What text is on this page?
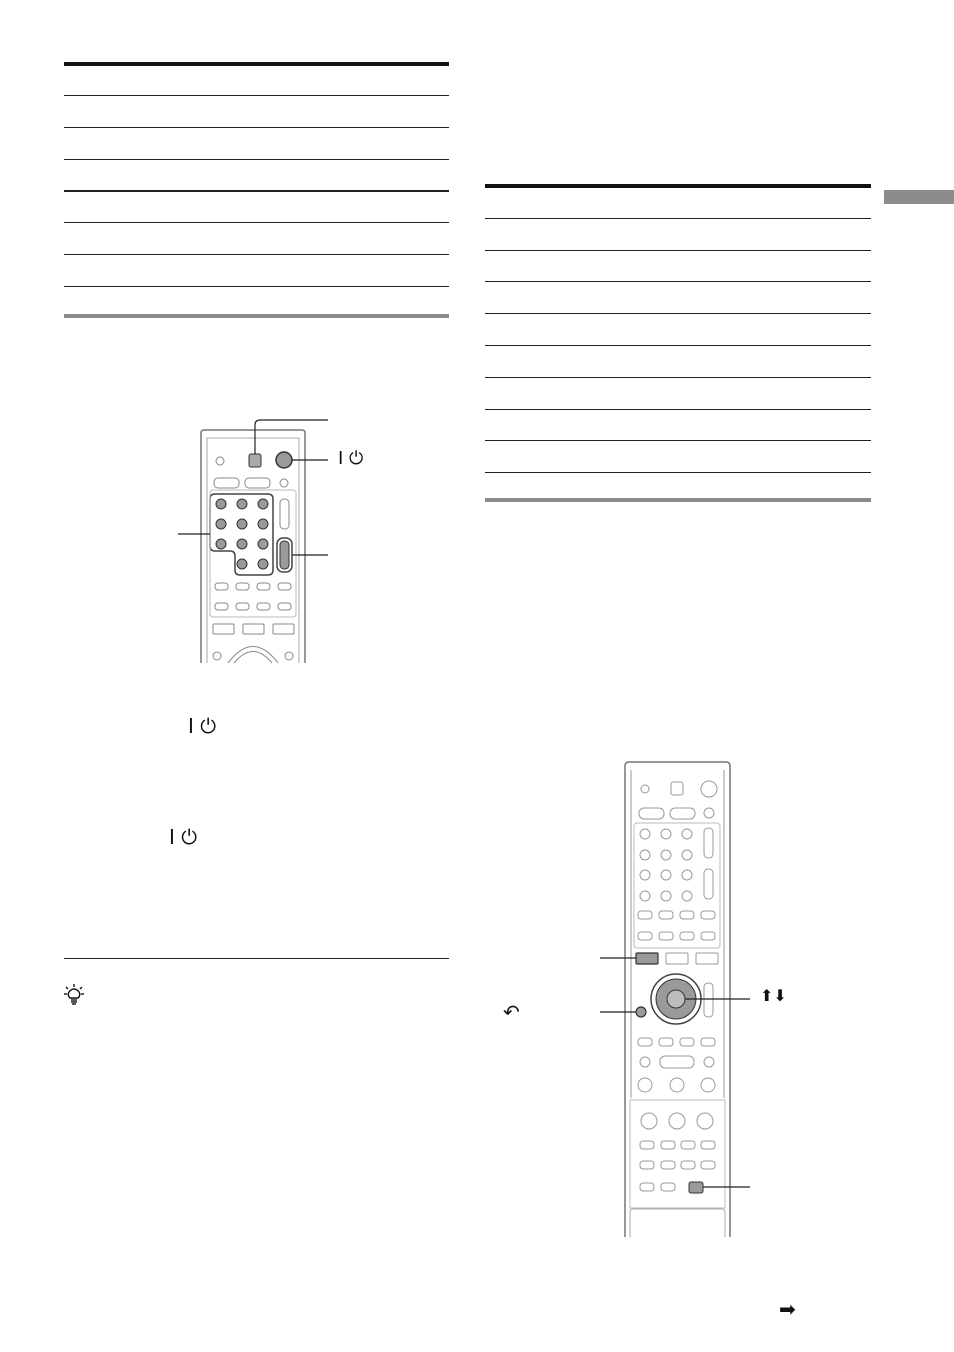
I ⏻
I ⏻
I ⏻
⬆⬇
↶
➡
